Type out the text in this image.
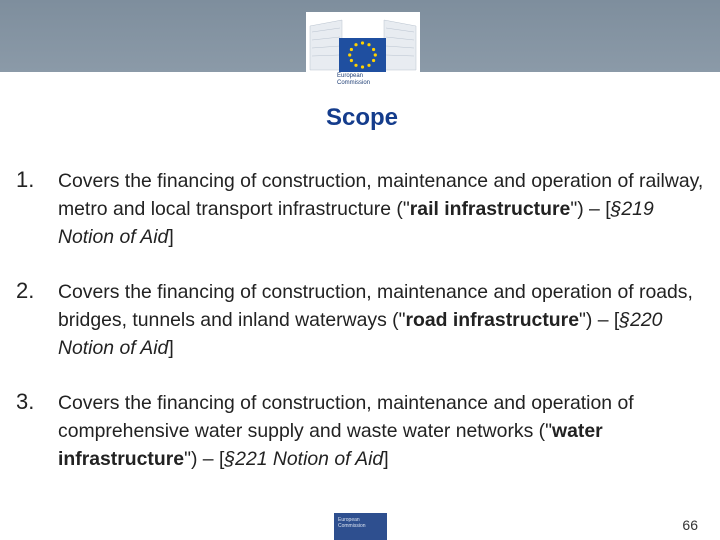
European
Commission
Scope
1. Covers the financing of construction, maintenance and operation of railway, metro and local transport infrastructure ("rail infrastructure") – [§219 Notion of Aid]
2. Covers the financing of construction, maintenance and operation of roads, bridges, tunnels and inland waterways ("road infrastructure") – [§220 Notion of Aid]
3. Covers the financing of construction, maintenance and operation of comprehensive water supply and waste water networks ("water infrastructure") – [§221 Notion of Aid]
European Commission	66
